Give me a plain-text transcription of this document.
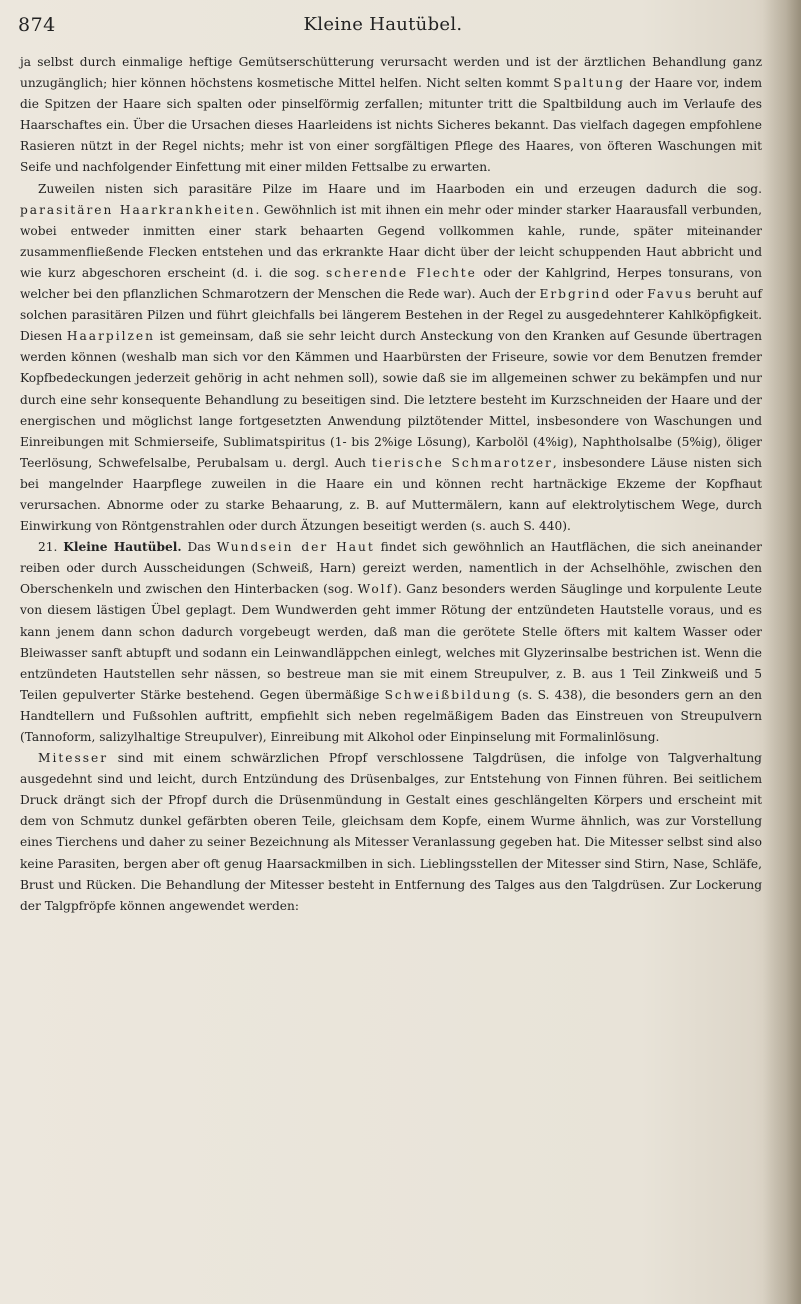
874	Kleine Hautübel.

ja selbst durch einmalige heftige Gemütserschütterung verursacht werden und ist der ärztlichen Behandlung ganz unzugänglich; hier können höchstens kosmetische Mittel helfen. Nicht selten kommt Spaltung der Haare vor, indem die Spitzen der Haare sich spalten oder pinselförmig zerfallen; mitunter tritt die Spaltbildung auch im Verlaufe des Haarschaftes ein. Über die Ursachen dieses Haarleidens ist nichts Sicheres bekannt. Das vielfach dagegen empfohlene Rasieren nützt in der Regel nichts; mehr ist von einer sorgfältigen Pflege des Haares, von öfteren Waschungen mit Seife und nachfolgender Einfettung mit einer milden Fettsalbe zu erwarten.

Zuweilen nisten sich parasitäre Pilze im Haare und im Haarboden ein und erzeugen dadurch die sog. parasitären Haarkrankheiten. Gewöhnlich ist mit ihnen ein mehr oder minder starker Haarausfall verbunden, wobei entweder inmitten einer stark behaarten Gegend vollkommen kahle, runde, später miteinander zusammenfließende Flecken entstehen und das erkrankte Haar dicht über der leicht schuppenden Haut abbricht und wie kurz abgeschoren erscheint (d. i. die sog. scherende Flechte oder der Kahlgrind, Herpes tonsurans, von welcher bei den pflanzlichen Schmarotzern der Menschen die Rede war). Auch der Erbgrind oder Favus beruht auf solchen parasitären Pilzen und führt gleichfalls bei längerem Bestehen in der Regel zu ausgedehnterer Kahlköpfigkeit. Diesen Haarpilzen ist gemeinsam, daß sie sehr leicht durch Ansteckung von den Kranken auf Gesunde übertragen werden können (weshalb man sich vor den Kämmen und Haarbürsten der Friseure, sowie vor dem Benutzen fremder Kopfbedeckungen jederzeit gehörig in acht nehmen soll), sowie daß sie im allgemeinen schwer zu bekämpfen und nur durch eine sehr konsequente Behandlung zu beseitigen sind. Die letztere besteht im Kurzschneiden der Haare und der energischen und möglichst lange fortgesetzten Anwendung pilztötender Mittel, insbesondere von Waschungen und Einreibungen mit Schmierseife, Sublimatspiritus (1- bis 2%ige Lösung), Karbolöl (4%ig), Naphtholsalbe (5%ig), öliger Teerlösung, Schwefelsalbe, Perubalsam u. dergl. Auch tierische Schmarotzer, insbesondere Läuse nisten sich bei mangelnder Haarpflege zuweilen in die Haare ein und können recht hartnäckige Ekzeme der Kopfhaut verursachen. Abnorme oder zu starke Behaarung, z. B. auf Muttermälern, kann auf elektrolytischem Wege, durch Einwirkung von Röntgenstrahlen oder durch Ätzungen beseitigt werden (s. auch S. 440).

21. Kleine Hautübel. Das Wundsein der Haut findet sich gewöhnlich an Hautflächen, die sich aneinander reiben oder durch Ausscheidungen (Schweiß, Harn) gereizt werden, namentlich in der Achselhöhle, zwischen den Oberschenkeln und zwischen den Hinterbacken (sog. Wolf). Ganz besonders werden Säuglinge und korpulente Leute von diesem lästigen Übel geplagt. Dem Wundwerden geht immer Rötung der entzündeten Hautstelle voraus, und es kann jenem dann schon dadurch vorgebeugt werden, daß man die gerötete Stelle öfters mit kaltem Wasser oder Bleiwasser sanft abtupft und sodann ein Leinwandläppchen einlegt, welches mit Glyzerinsalbe bestrichen ist. Wenn die entzündeten Hautstellen sehr nässen, so bestreue man sie mit einem Streupulver, z. B. aus 1 Teil Zinkweiß und 5 Teilen gepulverter Stärke bestehend. Gegen übermäßige Schweißbildung (s. S. 438), die besonders gern an den Handtellern und Fußsohlen auftritt, empfiehlt sich neben regelmäßigem Baden das Einstreuen von Streupulvern (Tannoform, salizylhaltige Streupulver), Einreibung mit Alkohol oder Einpinselung mit Formalinlösung.

Mitesser sind mit einem schwärzlichen Pfropf verschlossene Talgdrüsen, die infolge von Talgverhaltung ausgedehnt sind und leicht, durch Entzündung des Drüsenbalges, zur Entstehung von Finnen führen. Bei seitlichem Druck drängt sich der Pfropf durch die Drüsenmündung in Gestalt eines geschlängelten Körpers und erscheint mit dem von Schmutz dunkel gefärbten oberen Teile, gleichsam dem Kopfe, einem Wurme ähnlich, was zur Vorstellung eines Tierchens und daher zu seiner Bezeichnung als Mitesser Veranlassung gegeben hat. Die Mitesser selbst sind also keine Parasiten, bergen aber oft genug Haarsackmilben in sich. Lieblingsstellen der Mitesser sind Stirn, Nase, Schläfe, Brust und Rücken. Die Behandlung der Mitesser besteht in Entfernung des Talges aus den Talgdrüsen. Zur Lockerung der Talgpfröpfe können angewendet werden:
